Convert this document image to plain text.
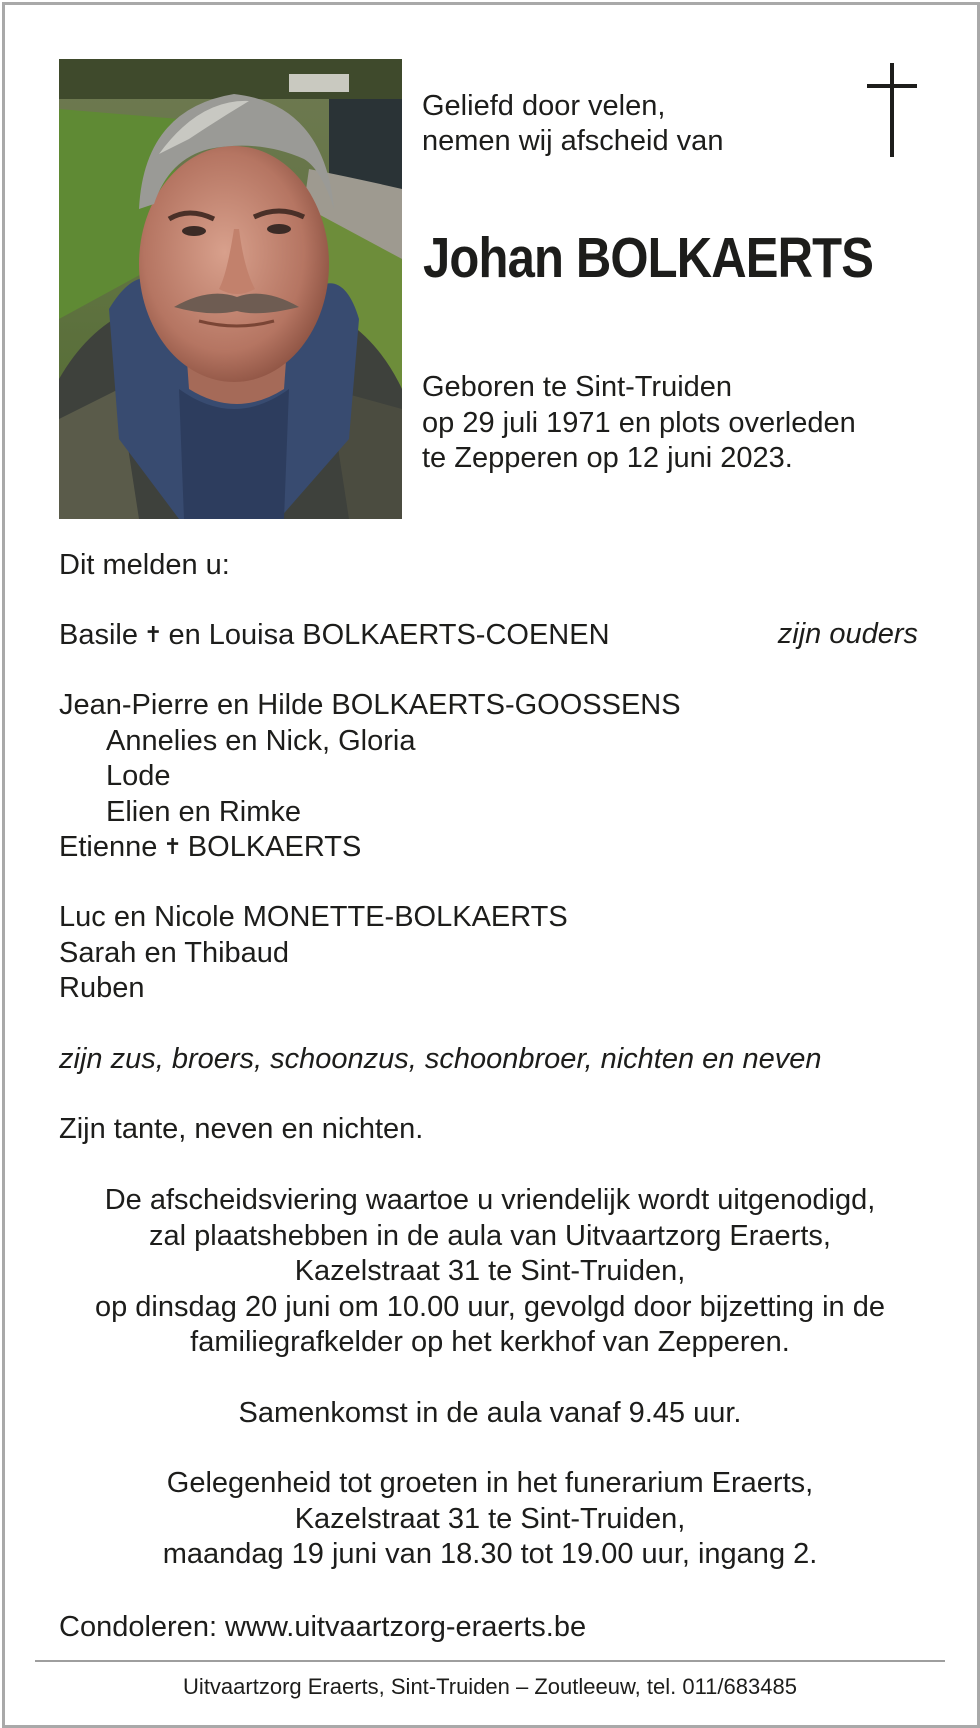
Geliefd door velen,
nemen wij afscheid van
Johan BOLKAERTS
Geboren te Sint-Truiden
op 29 juli 1971 en plots overleden
te Zepperen op 12 juni 2023.
Dit melden u:
Basile ✝ en Louisa BOLKAERTS-COENEN	zijn ouders
Jean-Pierre en Hilde BOLKAERTS-GOOSSENS
Annelies en Nick, Gloria
Lode
Elien en Rimke
Etienne ✝ BOLKAERTS
Luc en Nicole MONETTE-BOLKAERTS
Sarah en Thibaud
Ruben
zijn zus, broers, schoonzus, schoonbroer, nichten en neven
Zijn tante, neven en nichten.
De afscheidsviering waartoe u vriendelijk wordt uitgenodigd,
zal plaatshebben in de aula van Uitvaartzorg Eraerts,
Kazelstraat 31 te Sint-Truiden,
op dinsdag 20 juni om 10.00 uur, gevolgd door bijzetting in de
familiegrafkelder op het kerkhof van Zepperen.
Samenkomst in de aula vanaf 9.45 uur.
Gelegenheid tot groeten in het funerarium Eraerts,
Kazelstraat 31 te Sint-Truiden,
maandag 19 juni van 18.30 tot 19.00 uur, ingang 2.
Condoleren: www.uitvaartzorg-eraerts.be
Uitvaartzorg Eraerts, Sint-Truiden – Zoutleeuw, tel. 011/683485
